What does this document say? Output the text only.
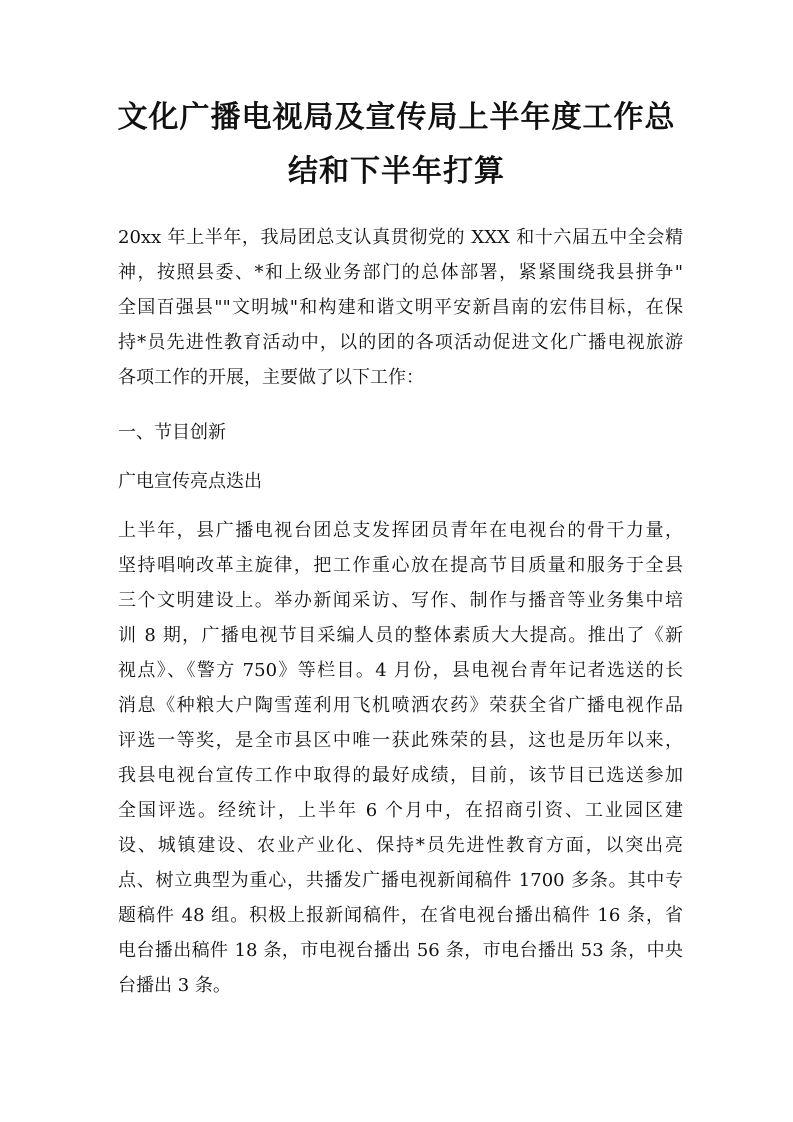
文化广播电视局及宣传局上半年度工作总
结和下半年打算
20xx 年上半年，我局团总支认真贯彻党的 XXX 和十六届五中全会精
神，按照县委、*和上级业务部门的总体部署，紧紧围绕我县拼争"
全国百强县""文明城"和构建和谐文明平安新昌南的宏伟目标，在保
持*员先进性教育活动中，以的团的各项活动促进文化广播电视旅游
各项工作的开展，主要做了以下工作：

一、节目创新

广电宣传亮点迭出

上半年，县广播电视台团总支发挥团员青年在电视台的骨干力量，
坚持唱响改革主旋律，把工作重心放在提高节目质量和服务于全县
三个文明建设上。举办新闻采访、写作、制作与播音等业务集中培
训 8 期，广播电视节目采编人员的整体素质大大提高。推出了《新
视点》、《警方 750》等栏目。4 月份，县电视台青年记者选送的长
消息《种粮大户陶雪莲利用飞机喷洒农药》荣获全省广播电视作品
评选一等奖，是全市县区中唯一获此殊荣的县，这也是历年以来，
我县电视台宣传工作中取得的最好成绩，目前，该节目已选送参加
全国评选。经统计，上半年 6 个月中，在招商引资、工业园区建
设、城镇建设、农业产业化、保持*员先进性教育方面，以突出亮
点、树立典型为重心，共播发广播电视新闻稿件 1700 多条。其中专
题稿件 48 组。积极上报新闻稿件，在省电视台播出稿件 16 条，省
电台播出稿件 18 条，市电视台播出 56 条，市电台播出 53 条，中央
台播出 3 条。
